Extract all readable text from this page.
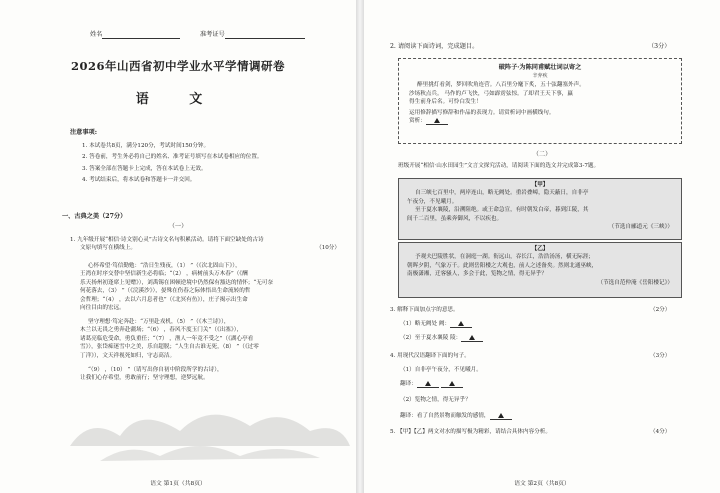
姓名	准考证号
2026年山西省初中学业水平学情调研卷
语 文
注意事项:
1. 本试卷共8页，满分120分，考试时间150分钟。
2. 答卷前，考生务必将自己的姓名、准考证号填写在本试卷相应的位置。
3. 答案全部在答题卡上完成，答在本试卷上无效。
4. 考试结束后，将本试卷和答题卡一并交回。
一、古典之美（27分）
（一）
1. 九年级开展“相信·诗文别心灵”古诗文名句积累活动。请将下面空缺处的古诗
文原句填写在横线上。	（10分）
心怀希望·笃信勤勉：“浩日生残夜，（1） ”（《次北固山下》），
王湾在时序交替中坚信新生必将临；“（2） ，病树前头万木春”（《酬
乐天扬州初逢席上见赠》），刘禹锡在困顿逆境中仍然保有豁达的情怀；“无可奈
何花落去，（3） ”（《浣溪沙》），晏殊在伤春之际体悟出生命流转的哲
会哲理；“（4） ，去以六月息者也”（《北冥有鱼》），庄子揭示出生命
向往目由的宏远。
坚守理想·笃定奔赴：“万里赴戎机，（5） ”（《木兰诗》），
木兰以无畏之勇奔赴疆场；“（6） ，春风不度玉门关”（《出塞》），
诸葛亮临危受命，勇负重任；“（7） ，渔人一年竟不受之”（《湖心亭看
雪》），张岱痴迷雪中之美，乐自超脱；“人生自古谁无死，（8） ”（《过零
丁洋》），文天祥视死如归，守志高洁。
“（9） ，（10） ”（请写出你自初中阶段所学的古诗），
让我们心存希望，勇敢前行；坚守理想，逆梦远航。
语文 第1页（共8页）
2. 请阅读下面诗词，完成题目。	（3分）
破阵子·为陈同甫赋壮词以寄之
辛弃疾
醉里挑灯看剑，梦回吹角连营。八百里分麾下炙，五十弦翻塞外声。
沙场秋点兵。 马作的卢飞快，弓如霹雳弦惊。了却君王天下事，赢
得生前身后名。可怜白发生！
运用修辞描写修辞和作品的表现力。请赏析词中画横线句。
赏析：
（二）
班级开展“相信·山水田园生”文言文探究活动，请阅读下面的选文并完成第3-7题。
【甲】
自三峡七百里中，两岸连山，略无阙处。重岩叠嶂，隐天蔽日，自非亭
午夜分，不见曦月。
至于夏水襄陵，沿溯阻绝。或王命急宣，有时朝发白帝，暮到江陵，其
间千二百里，虽乘奔御风，不以疾也。
（节选自郦道元《三峡》）
【乙】
予观夫巴陵胜状，在洞庭一湖。衔远山，吞长江，浩浩汤汤，横无际涯；
朝晖夕阴，气象万千。此则岳阳楼之大观也，前人之述备矣。然则北通巫峡，
南极潇湘，迁客骚人，多会于此，览物之情，得无异乎？
（节选自范仲淹《岳阳楼记》）
3. 解释下面加点字的意思。	（2分）
（1）略无阙处 阙：
（2）至于夏水襄陵 陵：
4. 用现代汉语翻译下面的句子。	（3分）
（1）自非亭午夜分，不见曦月。
翻译：
（2）览物之情，得无异乎？
翻译：看了自然景物而触发的感情，
5. 【甲】【乙】两文对水的描写极为精彩，请结合具体内容分析。	（4分）
语文 第2页（共8页）
